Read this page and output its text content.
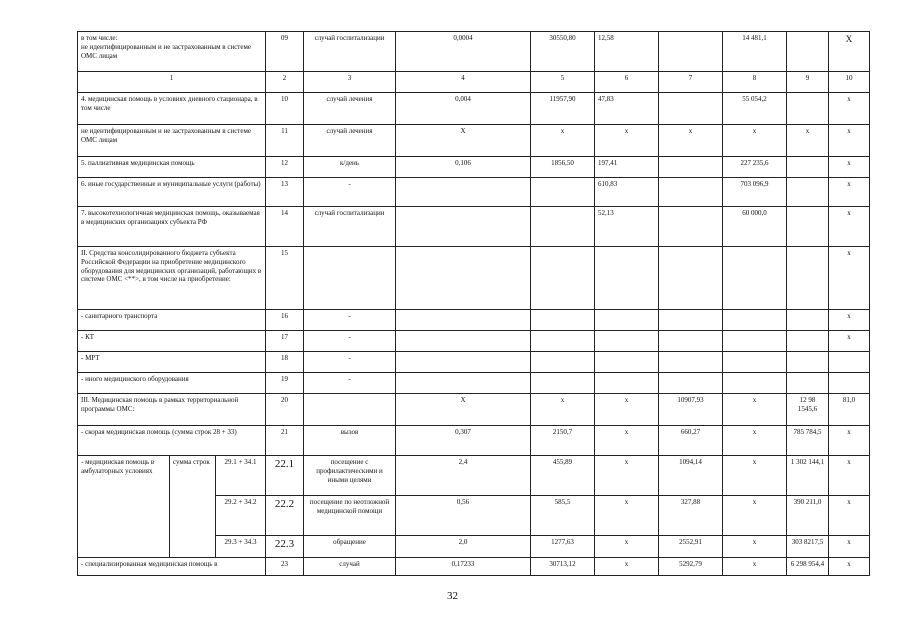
в том числе:
не идентифицированным и не застрахованным в системе ОМС лицам			09	случай госпитализации	0,0004	30550,80	12,58		14 481,1		X
1			2	3	4	5	6	7	8	9	10
4. медицинская помощь в условиях дневного стационара, в том числе			10	случай лечения	0,004	11957,90	47,83		55 054,2		x
не идентифицированным и не застрахованным в системе ОМС лицам			11	случай лечения	X	x	x	x	x	x	x
5. паллиативная медицинская помощь			12	к/день	0,106	1856,50	197,41		227 235,6		x
6. иные государственные и муниципальные услуги (работы)			13	-			610,83		703 096,9		x
7. высокотехнологичная медицинская помощь, оказываемая в медицинских организациях субъекта РФ			14	случай госпитализации			52,13		60 000,0		x
II. Средства консолидированного бюджета субъекта Российской Федерации на приобретение медицинского оборудования для медицинских организаций, работающих в системе ОМС <**>, в том числе на приобретение:			15								x
- санитарного транспорта			16	-							x
- КТ			17	-							x
- МРТ			18	-							
- иного медицинского оборудования			19	-							
III. Медицинская помощь в рамках территориальной программы ОМС:			20		X	x	x	10907,93	x	12 98 1545,6	81,0
- скорая медицинская помощь (сумма строк 28 + 33)			21	вызов	0,307	2150,7	x	660,27	x	785 784,5	x
- медицинская помощь в амбулаторных условиях	сумма строк	29.1 + 34.1	22.1	посещение с профилактическими и иными целями	2,4	455,89	x	1094,14	x	1 302 144,1	x
		29.2 + 34.2	22.2	посещение по неотложной медицинской помощи	0,56	585,5	x	327,88	x	390 211,0	x
		29.3 + 34.3	22.3	обращение	2,0	1277,63	x	2552,91	x	303 8217,5	x
- специализированная медицинская помощь в			23	случай	0,17233	30713,12	x	5292,79	x	6 298 954,4	x
32
